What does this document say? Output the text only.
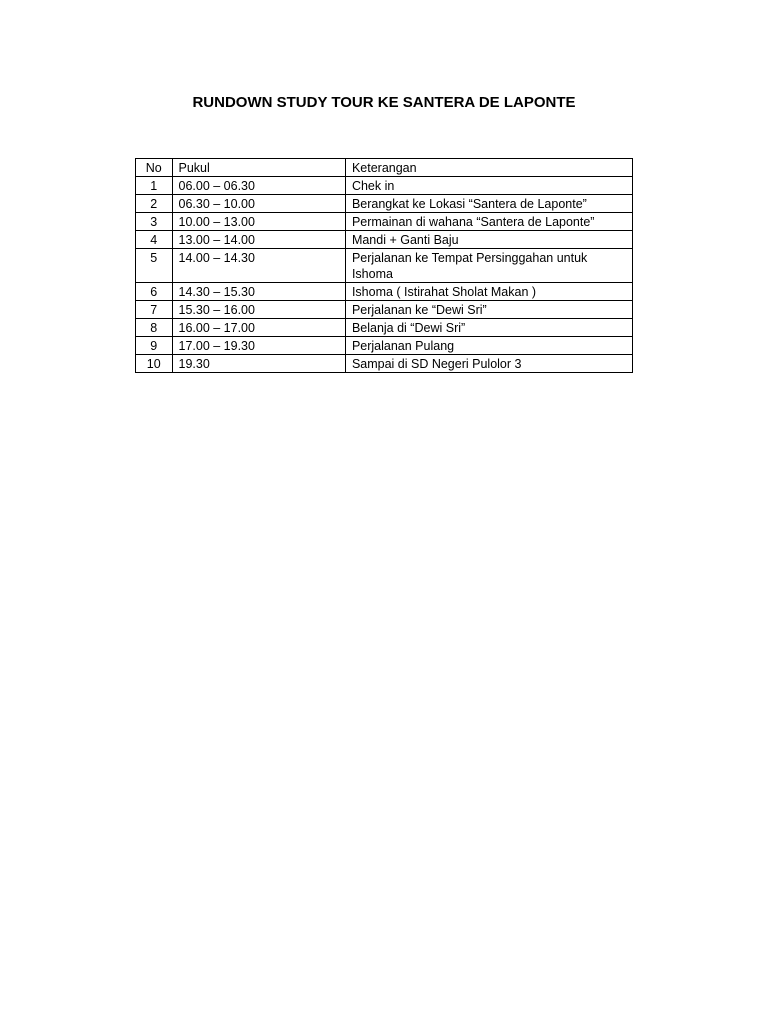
RUNDOWN STUDY TOUR KE SANTERA DE LAPONTE
No	Pukul	Keterangan
1	06.00 – 06.30	Chek in
2	06.30 – 10.00	Berangkat ke Lokasi “Santera de Laponte”
3	10.00 – 13.00	Permainan di wahana “Santera de Laponte”
4	13.00 – 14.00	Mandi + Ganti Baju
5	14.00 – 14.30	Perjalanan ke Tempat Persinggahan untuk Ishoma
6	14.30 – 15.30	Ishoma ( Istirahat Sholat Makan )
7	15.30 – 16.00	Perjalanan ke “Dewi Sri”
8	16.00 – 17.00	Belanja di “Dewi Sri”
9	17.00 – 19.30	Perjalanan Pulang
10	19.30	Sampai di SD Negeri Pulolor 3
